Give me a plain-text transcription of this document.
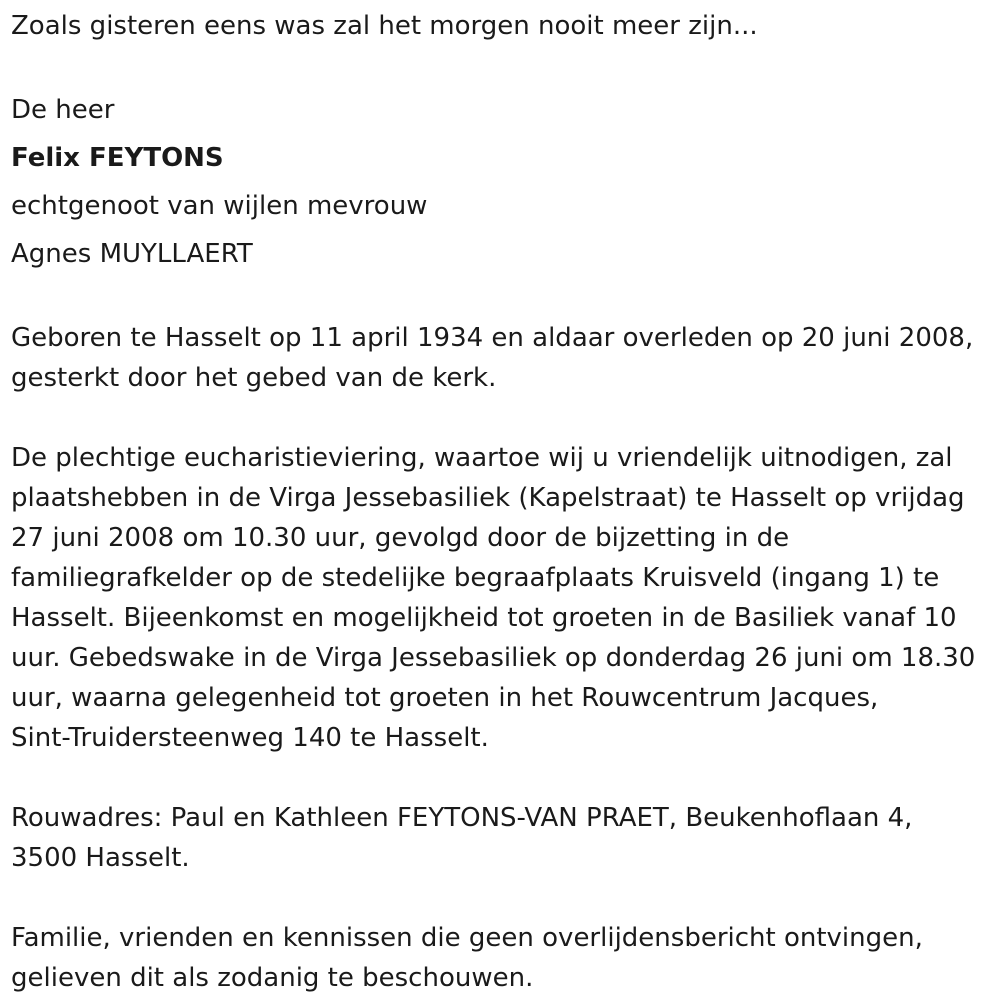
Zoals gisteren eens was zal het morgen nooit meer zijn...
De heer
Felix FEYTONS
echtgenoot van wijlen mevrouw
Agnes MUYLLAERT
Geboren te Hasselt op 11 april 1934 en aldaar overleden op 20 juni 2008,
gesterkt door het gebed van de kerk.
De plechtige eucharistieviering, waartoe wij u vriendelijk uitnodigen, zal
plaatshebben in de Virga Jessebasiliek (Kapelstraat) te Hasselt op vrijdag
27 juni 2008 om 10.30 uur, gevolgd door de bijzetting in de
familiegrafkelder op de stedelijke begraafplaats Kruisveld (ingang 1) te
Hasselt. Bijeenkomst en mogelijkheid tot groeten in de Basiliek vanaf 10
uur. Gebedswake in de Virga Jessebasiliek op donderdag 26 juni om 18.30
uur, waarna gelegenheid tot groeten in het Rouwcentrum Jacques,
Sint-Truidersteenweg 140 te Hasselt.
Rouwadres: Paul en Kathleen FEYTONS-VAN PRAET, Beukenhoflaan 4,
3500 Hasselt.
Familie, vrienden en kennissen die geen overlijdensbericht ontvingen,
gelieven dit als zodanig te beschouwen.
